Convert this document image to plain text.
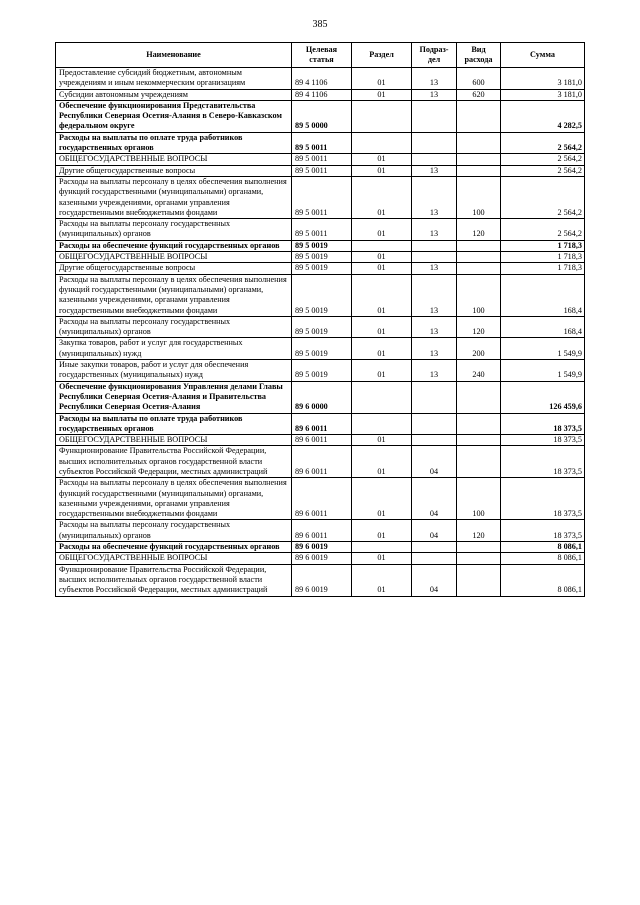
385
Наименование	Целевая статья	Раздел	Подраз-дел	Вид расхода	Сумма
Предоставление субсидий бюджетным, автономным учреждениям и иным некоммерческим организациям	89 4 1106	01	13	600	3 181,0
Субсидии автономным учреждениям	89 4 1106	01	13	620	3 181,0
Обеспечение функционирования Представительства Республики Северная Осетия-Алания в Северо-Кавказском федеральном округе	89 5 0000				4 282,5
Расходы на выплаты по оплате труда работников государственных органов	89 5 0011				2 564,2
ОБЩЕГОСУДАРСТВЕННЫЕ ВОПРОСЫ	89 5 0011	01			2 564,2
Другие общегосударственные вопросы	89 5 0011	01	13		2 564,2
Расходы на выплаты персоналу в целях обеспечения выполнения функций государственными (муниципальными) органами, казенными учреждениями, органами управления государственными внебюджетными фондами	89 5 0011	01	13	100	2 564,2
Расходы на выплаты персоналу государственных (муниципальных) органов	89 5 0011	01	13	120	2 564,2
Расходы на обеспечение функций государственных органов	89 5 0019				1 718,3
ОБЩЕГОСУДАРСТВЕННЫЕ ВОПРОСЫ	89 5 0019	01			1 718,3
Другие общегосударственные вопросы	89 5 0019	01	13		1 718,3
Расходы на выплаты персоналу в целях обеспечения выполнения функций государственными (муниципальными) органами, казенными учреждениями, органами управления государственными внебюджетными фондами	89 5 0019	01	13	100	168,4
Расходы на выплаты персоналу государственных (муниципальных) органов	89 5 0019	01	13	120	168,4
Закупка товаров, работ и услуг для государственных (муниципальных) нужд	89 5 0019	01	13	200	1 549,9
Иные закупки товаров, работ и услуг для обеспечения государственных (муниципальных) нужд	89 5 0019	01	13	240	1 549,9
Обеспечение функционирования Управления делами Главы Республики Северная Осетия-Алания и Правительства Республики Северная Осетия-Алания	89 6 0000				126 459,6
Расходы на выплаты по оплате труда работников государственных органов	89 6 0011				18 373,5
ОБЩЕГОСУДАРСТВЕННЫЕ ВОПРОСЫ	89 6 0011	01			18 373,5
Функционирование Правительства Российской Федерации, высших исполнительных органов государственной власти субъектов Российской Федерации, местных администраций	89 6 0011	01	04		18 373,5
Расходы на выплаты персоналу в целях обеспечения выполнения функций государственными (муниципальными) органами, казенными учреждениями, органами управления государственными внебюджетными фондами	89 6 0011	01	04	100	18 373,5
Расходы на выплаты персоналу государственных (муниципальных) органов	89 6 0011	01	04	120	18 373,5
Расходы на обеспечение функций государственных органов	89 6 0019				8 086,1
ОБЩЕГОСУДАРСТВЕННЫЕ ВОПРОСЫ	89 6 0019	01			8 086,1
Функционирование Правительства Российской Федерации, высших исполнительных органов государственной власти субъектов Российской Федерации, местных администраций	89 6 0019	01	04		8 086,1
